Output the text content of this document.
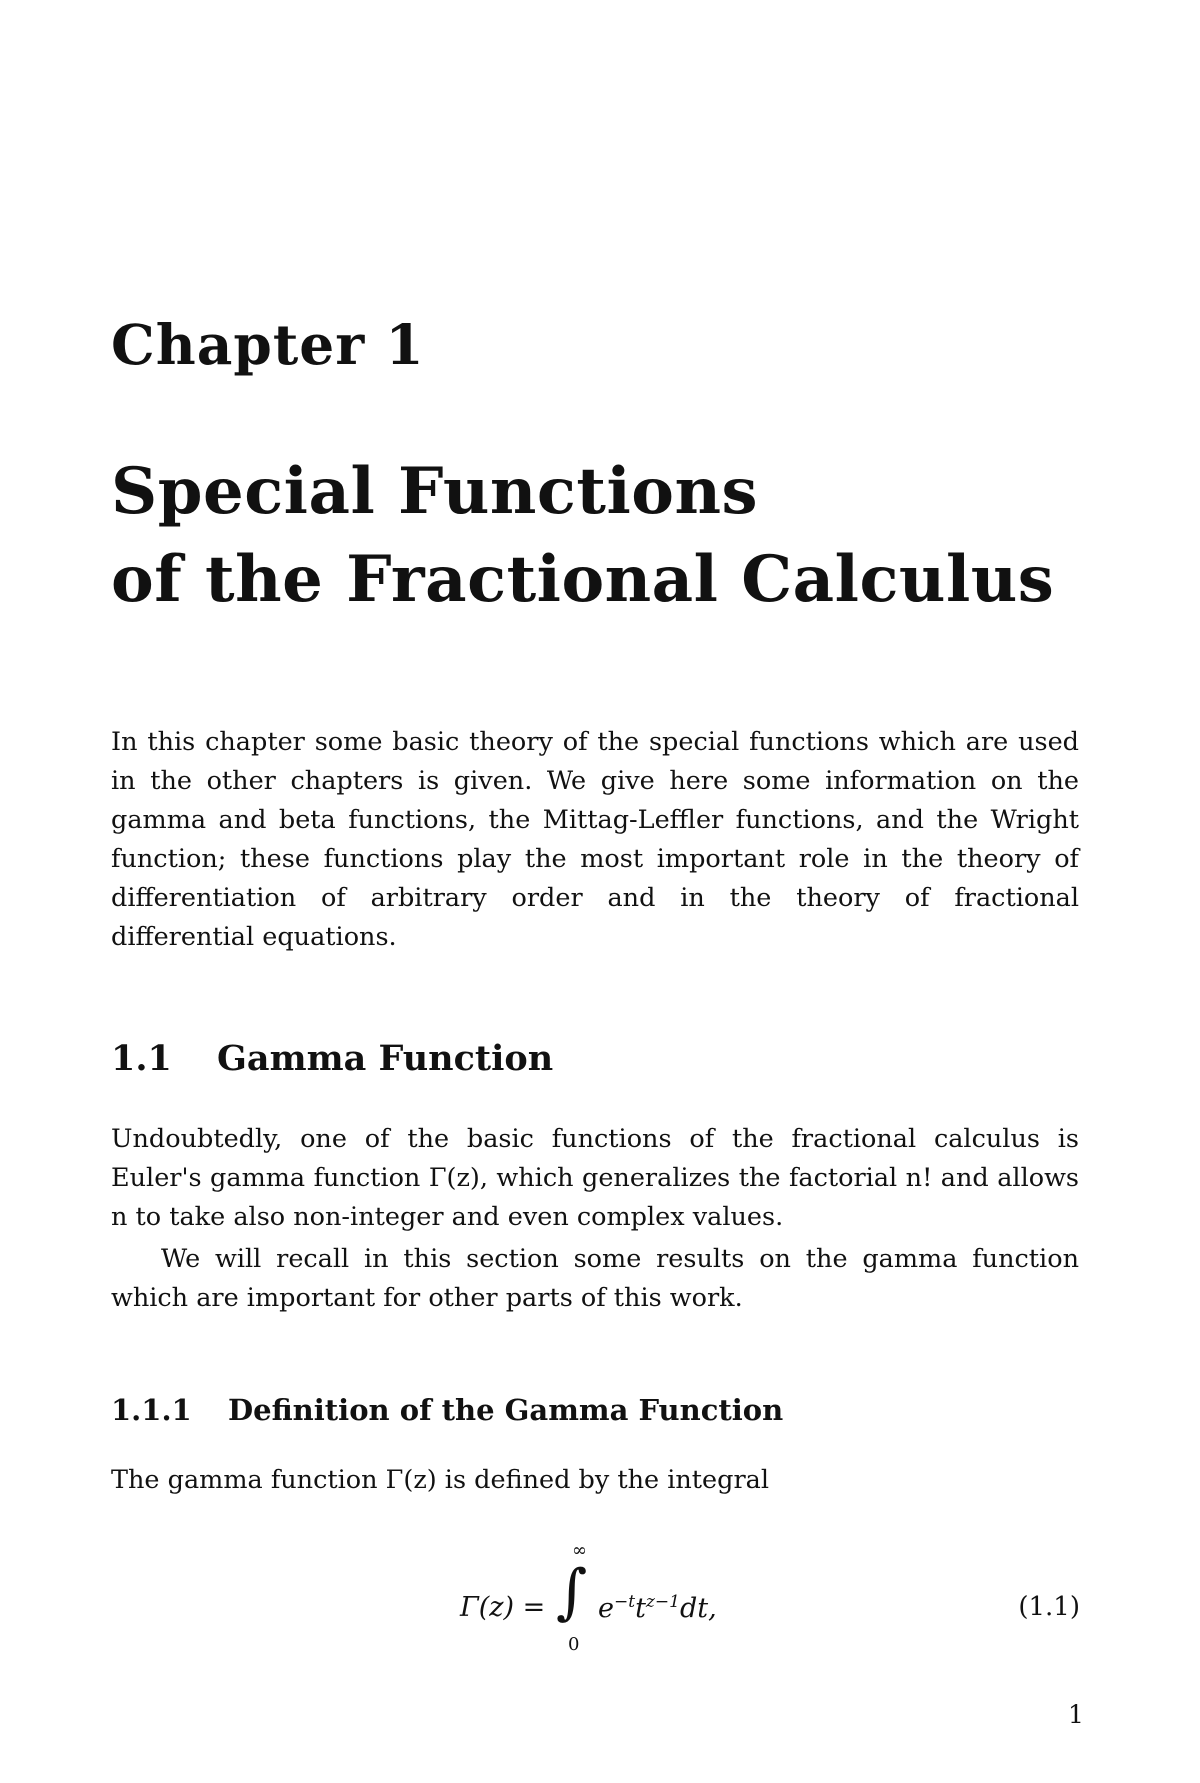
Chapter 1
Special Functions
of the Fractional Calculus

In this chapter some basic theory of the special functions which are used in the other chapters is given. We give here some information on the gamma and beta functions, the Mittag-Leffler functions, and the Wright function; these functions play the most important role in the theory of differentiation of arbitrary order and in the theory of fractional differential equations.

1.1 Gamma Function

Undoubtedly, one of the basic functions of the fractional calculus is Euler's gamma function Γ(z), which generalizes the factorial n! and allows n to take also non-integer and even complex values.

We will recall in this section some results on the gamma function which are important for other parts of this work.

1.1.1 Definition of the Gamma Function

The gamma function Γ(z) is defined by the integral

Γ(z) =
∞
∫
0
$e^{-t}t^{z-1}dt$,	(1.1)

1
